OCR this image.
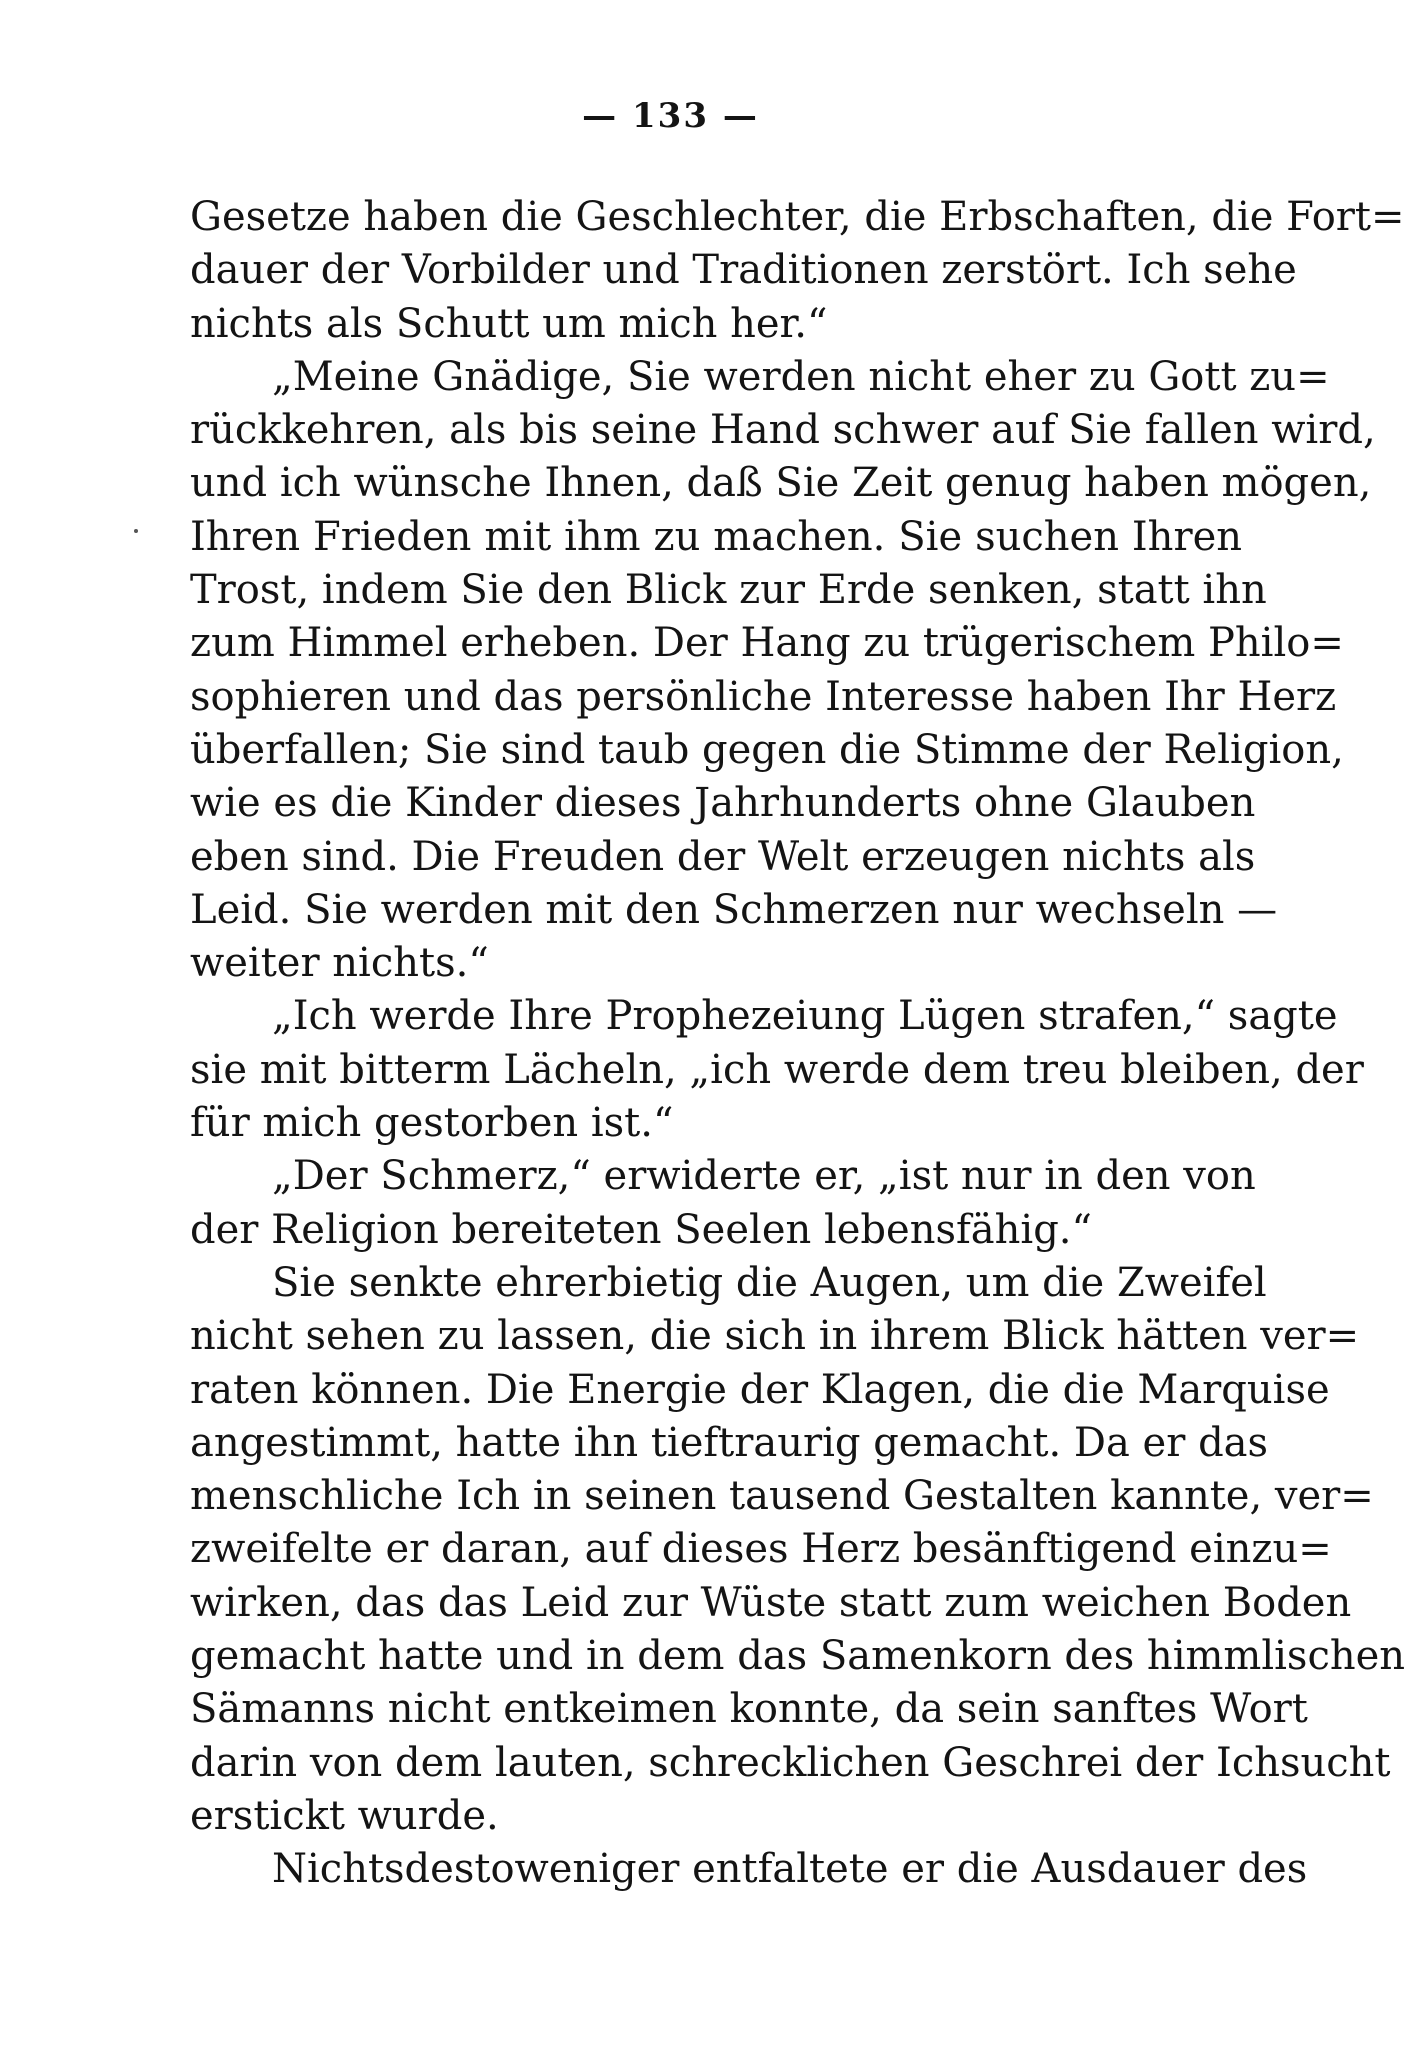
— 133 —
Gesetze haben die Geschlechter, die Erbschaften, die Fort=
dauer der Vorbilder und Traditionen zerstört. Ich sehe
nichts als Schutt um mich her.“
„Meine Gnädige, Sie werden nicht eher zu Gott zu=
rückkehren, als bis seine Hand schwer auf Sie fallen wird,
und ich wünsche Ihnen, daß Sie Zeit genug haben mögen,
Ihren Frieden mit ihm zu machen. Sie suchen Ihren
Trost, indem Sie den Blick zur Erde senken, statt ihn
zum Himmel erheben. Der Hang zu trügerischem Philo=
sophieren und das persönliche Interesse haben Ihr Herz
überfallen; Sie sind taub gegen die Stimme der Religion,
wie es die Kinder dieses Jahrhunderts ohne Glauben
eben sind. Die Freuden der Welt erzeugen nichts als
Leid. Sie werden mit den Schmerzen nur wechseln —
weiter nichts.“
„Ich werde Ihre Prophezeiung Lügen strafen,“ sagte
sie mit bitterm Lächeln, „ich werde dem treu bleiben, der
für mich gestorben ist.“
„Der Schmerz,“ erwiderte er, „ist nur in den von
der Religion bereiteten Seelen lebensfähig.“
Sie senkte ehrerbietig die Augen, um die Zweifel
nicht sehen zu lassen, die sich in ihrem Blick hätten ver=
raten können. Die Energie der Klagen, die die Marquise
angestimmt, hatte ihn tieftraurig gemacht. Da er das
menschliche Ich in seinen tausend Gestalten kannte, ver=
zweifelte er daran, auf dieses Herz besänftigend einzu=
wirken, das das Leid zur Wüste statt zum weichen Boden
gemacht hatte und in dem das Samenkorn des himmlischen
Sämanns nicht entkeimen konnte, da sein sanftes Wort
darin von dem lauten, schrecklichen Geschrei der Ichsucht
erstickt wurde.
Nichtsdestoweniger entfaltete er die Ausdauer des
